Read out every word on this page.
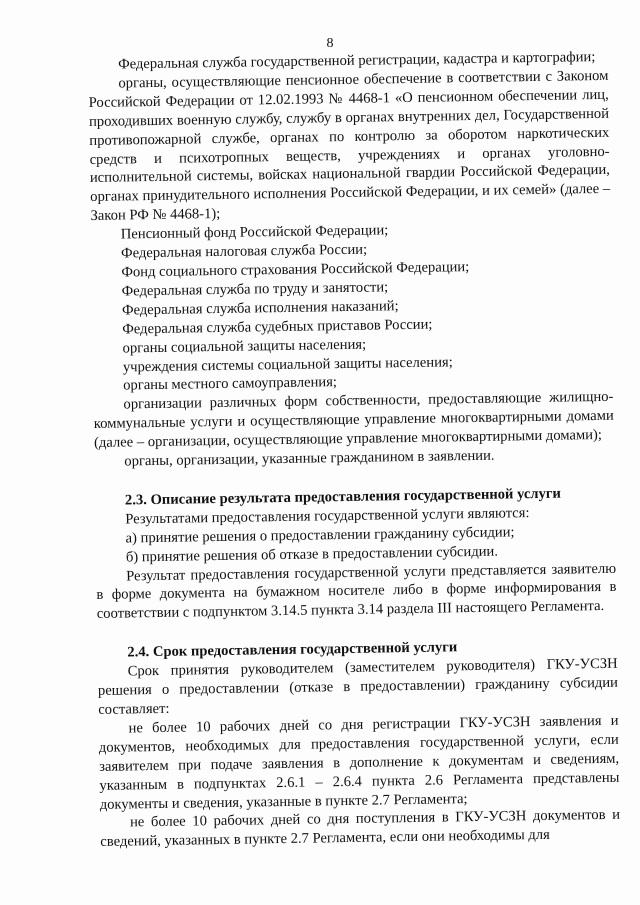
8

Федеральная служба государственной регистрации, кадастра и картографии;

органы, осуществляющие пенсионное обеспечение в соответствии с Законом Российской Федерации от 12.02.1993 № 4468-1 «О пенсионном обеспечении лиц, проходивших военную службу, службу в органах внутренних дел, Государственной противопожарной службе, органах по контролю за оборотом наркотических средств и психотропных веществ, учреждениях и органах уголовно-исполнительной системы, войсках национальной гвардии Российской Федерации, органах принудительного исполнения Российской Федерации, и их семей» (далее – Закон РФ № 4468-1);

Пенсионный фонд Российской Федерации;

Федеральная налоговая служба России;

Фонд социального страхования Российской Федерации;

Федеральная служба по труду и занятости;

Федеральная служба исполнения наказаний;

Федеральная служба судебных приставов России;

органы социальной защиты населения;

учреждения системы социальной защиты населения;

органы местного самоуправления;

организации различных форм собственности, предоставляющие жилищно-коммунальные услуги и осуществляющие управление многоквартирными домами (далее – организации, осуществляющие управление многоквартирными домами);

органы, организации, указанные гражданином в заявлении.

2.3. Описание результата предоставления государственной услуги

Результатами предоставления государственной услуги являются:

а) принятие решения о предоставлении гражданину субсидии;

б) принятие решения об отказе в предоставлении субсидии.

Результат предоставления государственной услуги представляется заявителю в форме документа на бумажном носителе либо в форме информирования в соответствии с подпунктом 3.14.5 пункта 3.14 раздела III настоящего Регламента.

2.4. Срок предоставления государственной услуги

Срок принятия руководителем (заместителем руководителя) ГКУ-УСЗН решения о предоставлении (отказе в предоставлении) гражданину субсидии составляет:

не более 10 рабочих дней со дня регистрации ГКУ-УСЗН заявления и документов, необходимых для предоставления государственной услуги, если заявителем при подаче заявления в дополнение к документам и сведениям, указанным в подпунктах 2.6.1 – 2.6.4 пункта 2.6 Регламента представлены документы и сведения, указанные в пункте 2.7 Регламента;

не более 10 рабочих дней со дня поступления в ГКУ-УСЗН документов и сведений, указанных в пункте 2.7 Регламента, если они необходимы для
